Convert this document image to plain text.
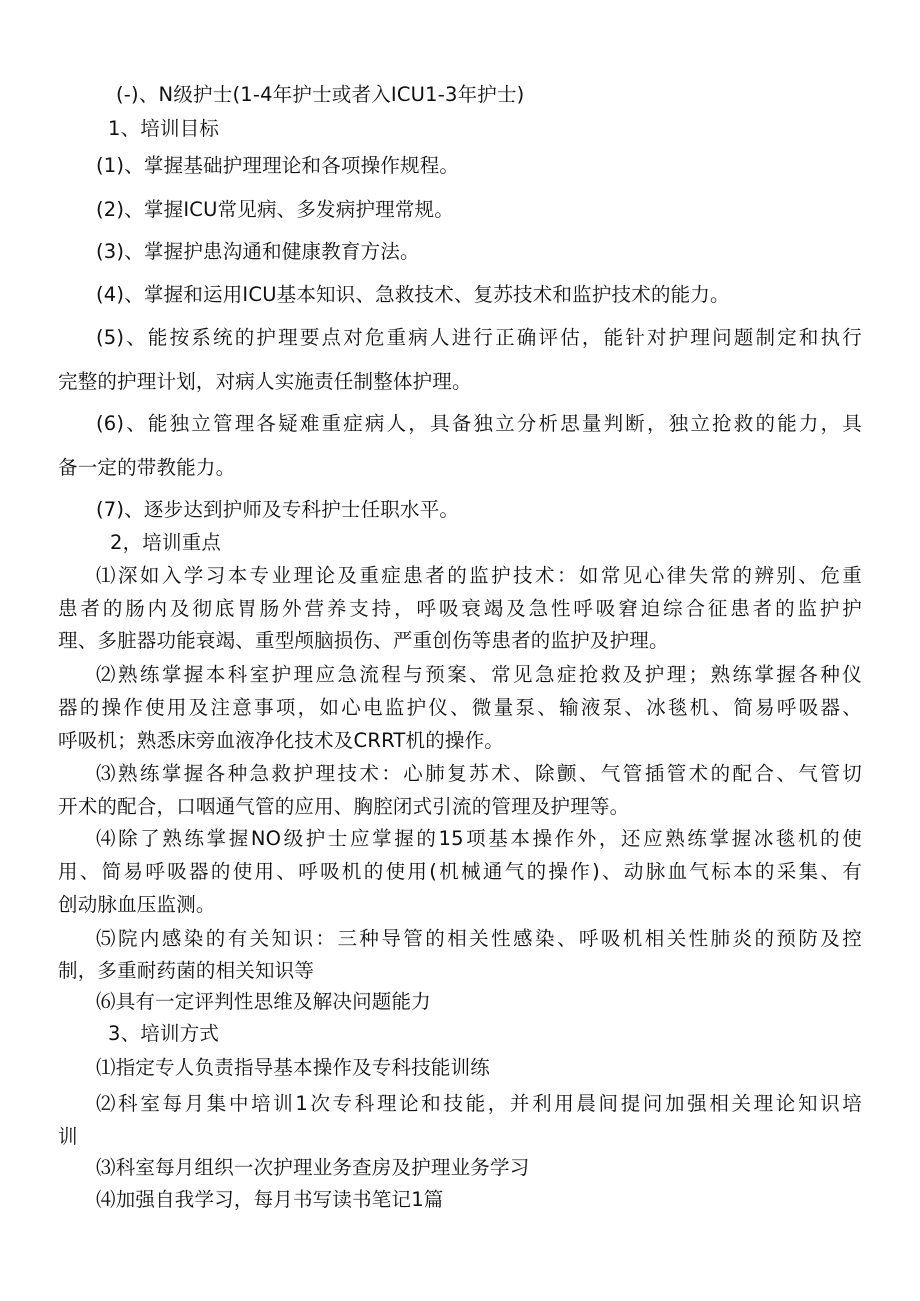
(-)、N级护士(1-4年护士或者入ICU1-3年护士)
1、培训目标
(1)、掌握基础护理理论和各项操作规程。
(2)、掌握ICU常见病、多发病护理常规。
(3)、掌握护患沟通和健康教育方法。
(4)、掌握和运用ICU基本知识、急救技术、复苏技术和监护技术的能力。
(5)、能按系统的护理要点对危重病人进行正确评估，能针对护理问题制定和执行
完整的护理计划，对病人实施责任制整体护理。
(6)、能独立管理各疑难重症病人，具备独立分析思量判断，独立抢救的能力，具
备一定的带教能力。
(7)、逐步达到护师及专科护士任职水平。
2，培训重点
⑴深如入学习本专业理论及重症患者的监护技术：如常见心律失常的辨别、危重
患者的肠内及彻底胃肠外营养支持，呼吸衰竭及急性呼吸窘迫综合征患者的监护护
理、多脏器功能衰竭、重型颅脑损伤、严重创伤等患者的监护及护理。
⑵熟练掌握本科室护理应急流程与预案、常见急症抢救及护理；熟练掌握各种仪
器的操作使用及注意事项，如心电监护仪、微量泵、输液泵、冰毯机、简易呼吸器、
呼吸机；熟悉床旁血液净化技术及CRRT机的操作。
⑶熟练掌握各种急救护理技术：心肺复苏术、除颤、气管插管术的配合、气管切
开术的配合，口咽通气管的应用、胸腔闭式引流的管理及护理等。
⑷除了熟练掌握NO级护士应掌握的15项基本操作外，还应熟练掌握冰毯机的使
用、简易呼吸器的使用、呼吸机的使用(机械通气的操作)、动脉血气标本的采集、有
创动脉血压监测。
⑸院内感染的有关知识：三种导管的相关性感染、呼吸机相关性肺炎的预防及控
制，多重耐药菌的相关知识等
⑹具有一定评判性思维及解决问题能力
3、培训方式
⑴指定专人负责指导基本操作及专科技能训练
⑵科室每月集中培训1次专科理论和技能，并利用晨间提问加强相关理论知识培
训
⑶科室每月组织一次护理业务查房及护理业务学习
⑷加强自我学习，每月书写读书笔记1篇
